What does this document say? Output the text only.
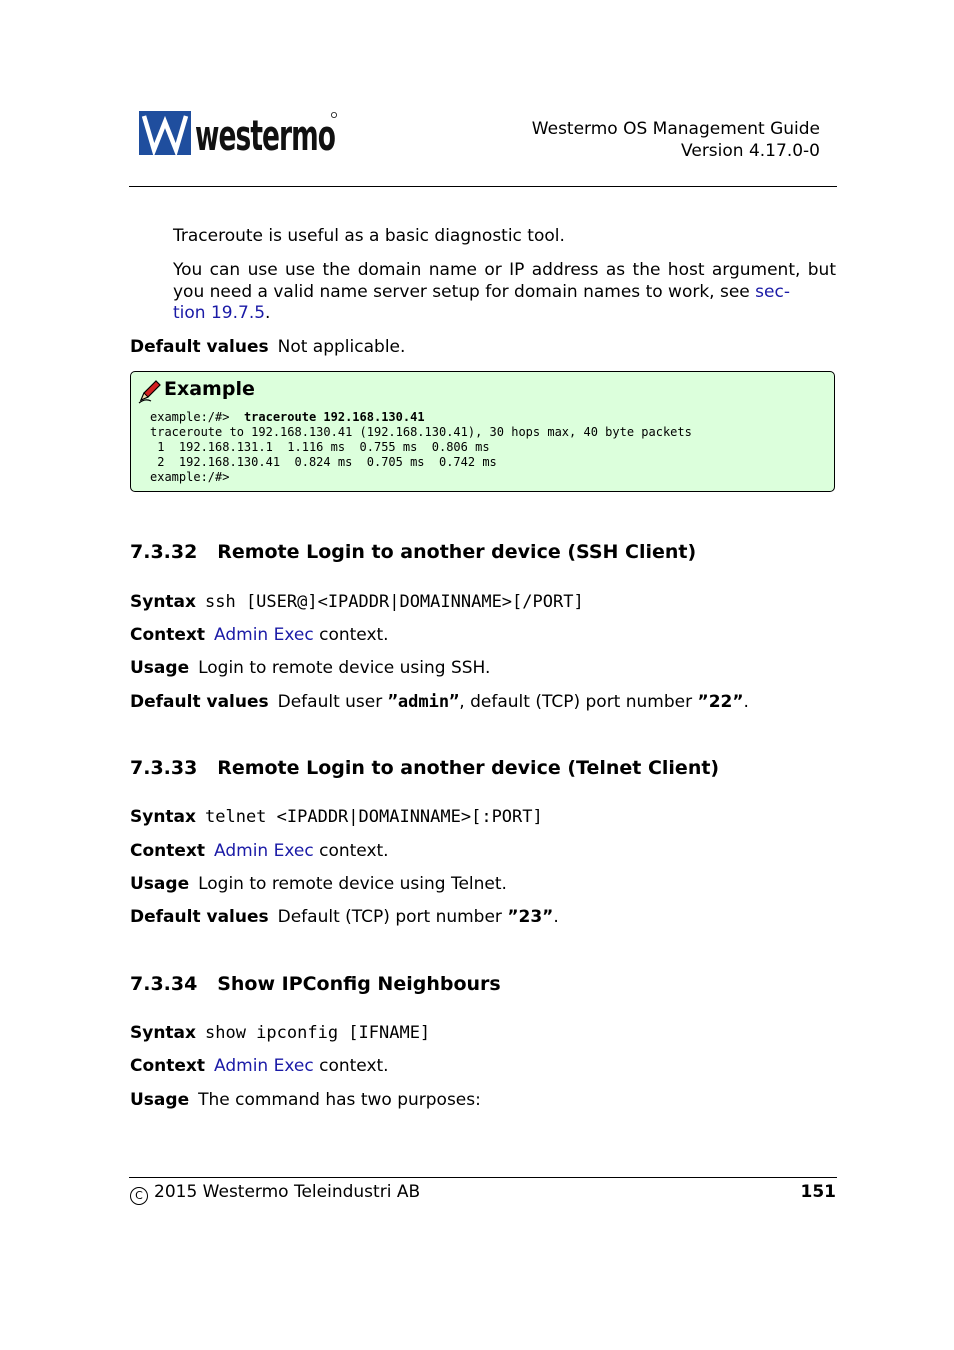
westermo	Westermo OS Management Guide
Version 4.17.0-0
Traceroute is useful as a basic diagnostic tool.
You can use use the domain name or IP address as the host argument, but you need a valid name server setup for domain names to work, see sec-
tion 19.7.5.
Default values Not applicable.
Example
example:/#> traceroute 192.168.130.41
traceroute to 192.168.130.41 (192.168.130.41), 30 hops max, 40 byte packets
1  192.168.131.1  1.116 ms  0.755 ms  0.806 ms
2  192.168.130.41  0.824 ms  0.705 ms  0.742 ms
example:/#>
7.3.32 Remote Login to another device (SSH Client)
Syntax ssh [USER@]<IPADDR|DOMAINNAME>[/PORT]
Context Admin Exec context.
Usage Login to remote device using SSH.
Default values Default user ”admin”, default (TCP) port number ”22”.
7.3.33 Remote Login to another device (Telnet Client)
Syntax telnet <IPADDR|DOMAINNAME>[:PORT]
Context Admin Exec context.
Usage Login to remote device using Telnet.
Default values Default (TCP) port number ”23”.
7.3.34 Show IPConfig Neighbours
Syntax show ipconfig [IFNAME]
Context Admin Exec context.
Usage The command has two purposes:
C 2015 Westermo Teleindustri AB	151
